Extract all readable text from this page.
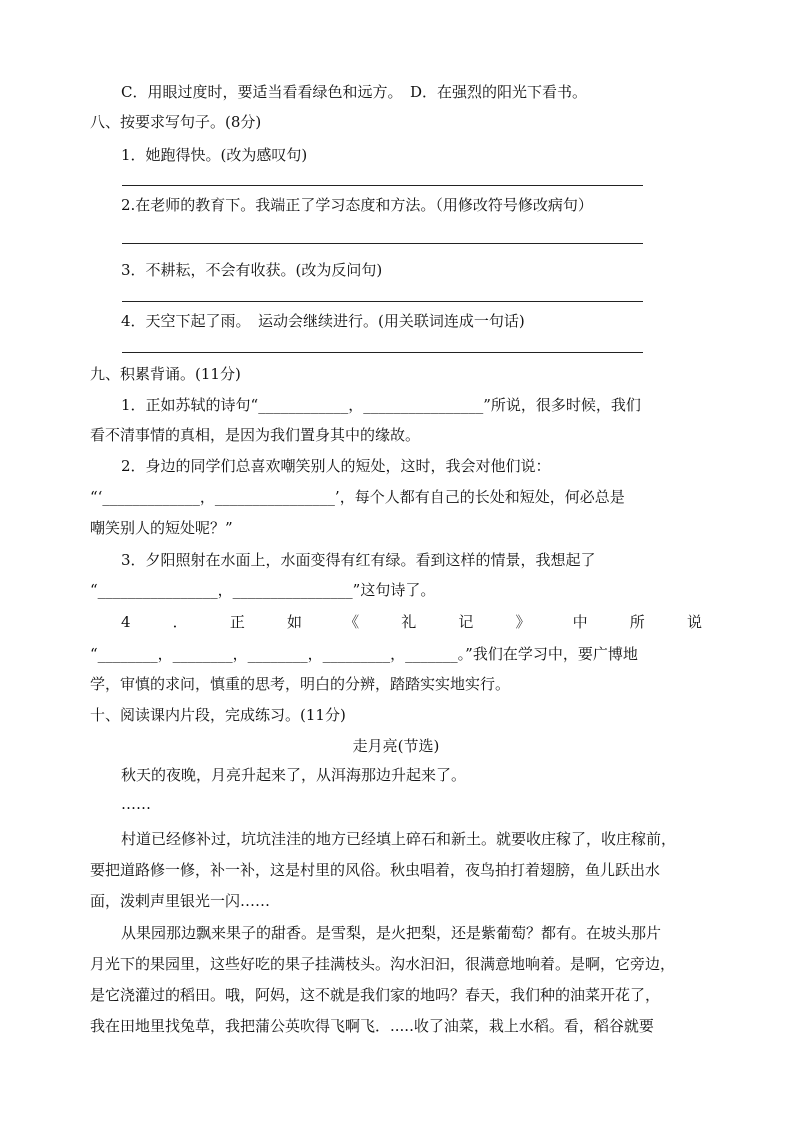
C．用眼过度时，要适当看看绿色和远方。　D．在强烈的阳光下看书。
八、按要求写句子。(8分)
1．她跑得快。(改为感叹句)
2.在老师的教育下。我端正了学习态度和方法。（用修改符号修改病句）
3．不耕耘，不会有收获。(改为反问句)
4．天空下起了雨。　运动会继续进行。(用关联词连成一句话)
九、积累背诵。(11分)
1．正如苏轼的诗句“____________，________________”所说，很多时候，我们
看不清事情的真相，是因为我们置身其中的缘故。
2．身边的同学们总喜欢嘲笑别人的短处，这时，我会对他们说：
“‘_____________，________________’，每个人都有自己的长处和短处，何必总是
嘲笑别人的短处呢？”
3．夕阳照射在水面上，水面变得有红有绿。看到这样的情景，我想起了
“________________，________________”这句诗了。
4	．	正	如	《	礼	记	》	中	所	说
“________，________，________，_________，_______。”我们在学习中，要广博地
学，审慎的求问，慎重的思考，明白的分辨，踏踏实实地实行。
十、阅读课内片段，完成练习。(11分)
走月亮(节选)
秋天的夜晚，月亮升起来了，从洱海那边升起来了。
……
村道已经修补过，坑坑洼洼的地方已经填上碎石和新土。就要收庄稼了，收庄稼前，
要把道路修一修，补一补，这是村里的风俗。秋虫唱着，夜鸟拍打着翅膀，鱼儿跃出水
面，泼剌声里银光一闪……
从果园那边飘来果子的甜香。是雪梨，是火把梨，还是紫葡萄？都有。在坡头那片
月光下的果园里，这些好吃的果子挂满枝头。沟水汩汩，很满意地响着。是啊，它旁边，
是它浇灌过的稻田。哦，阿妈，这不就是我们家的地吗？春天，我们种的油菜开花了，
我在田地里找兔草，我把蒲公英吹得飞啊飞．.....收了油菜，栽上水稻。看，稻谷就要
